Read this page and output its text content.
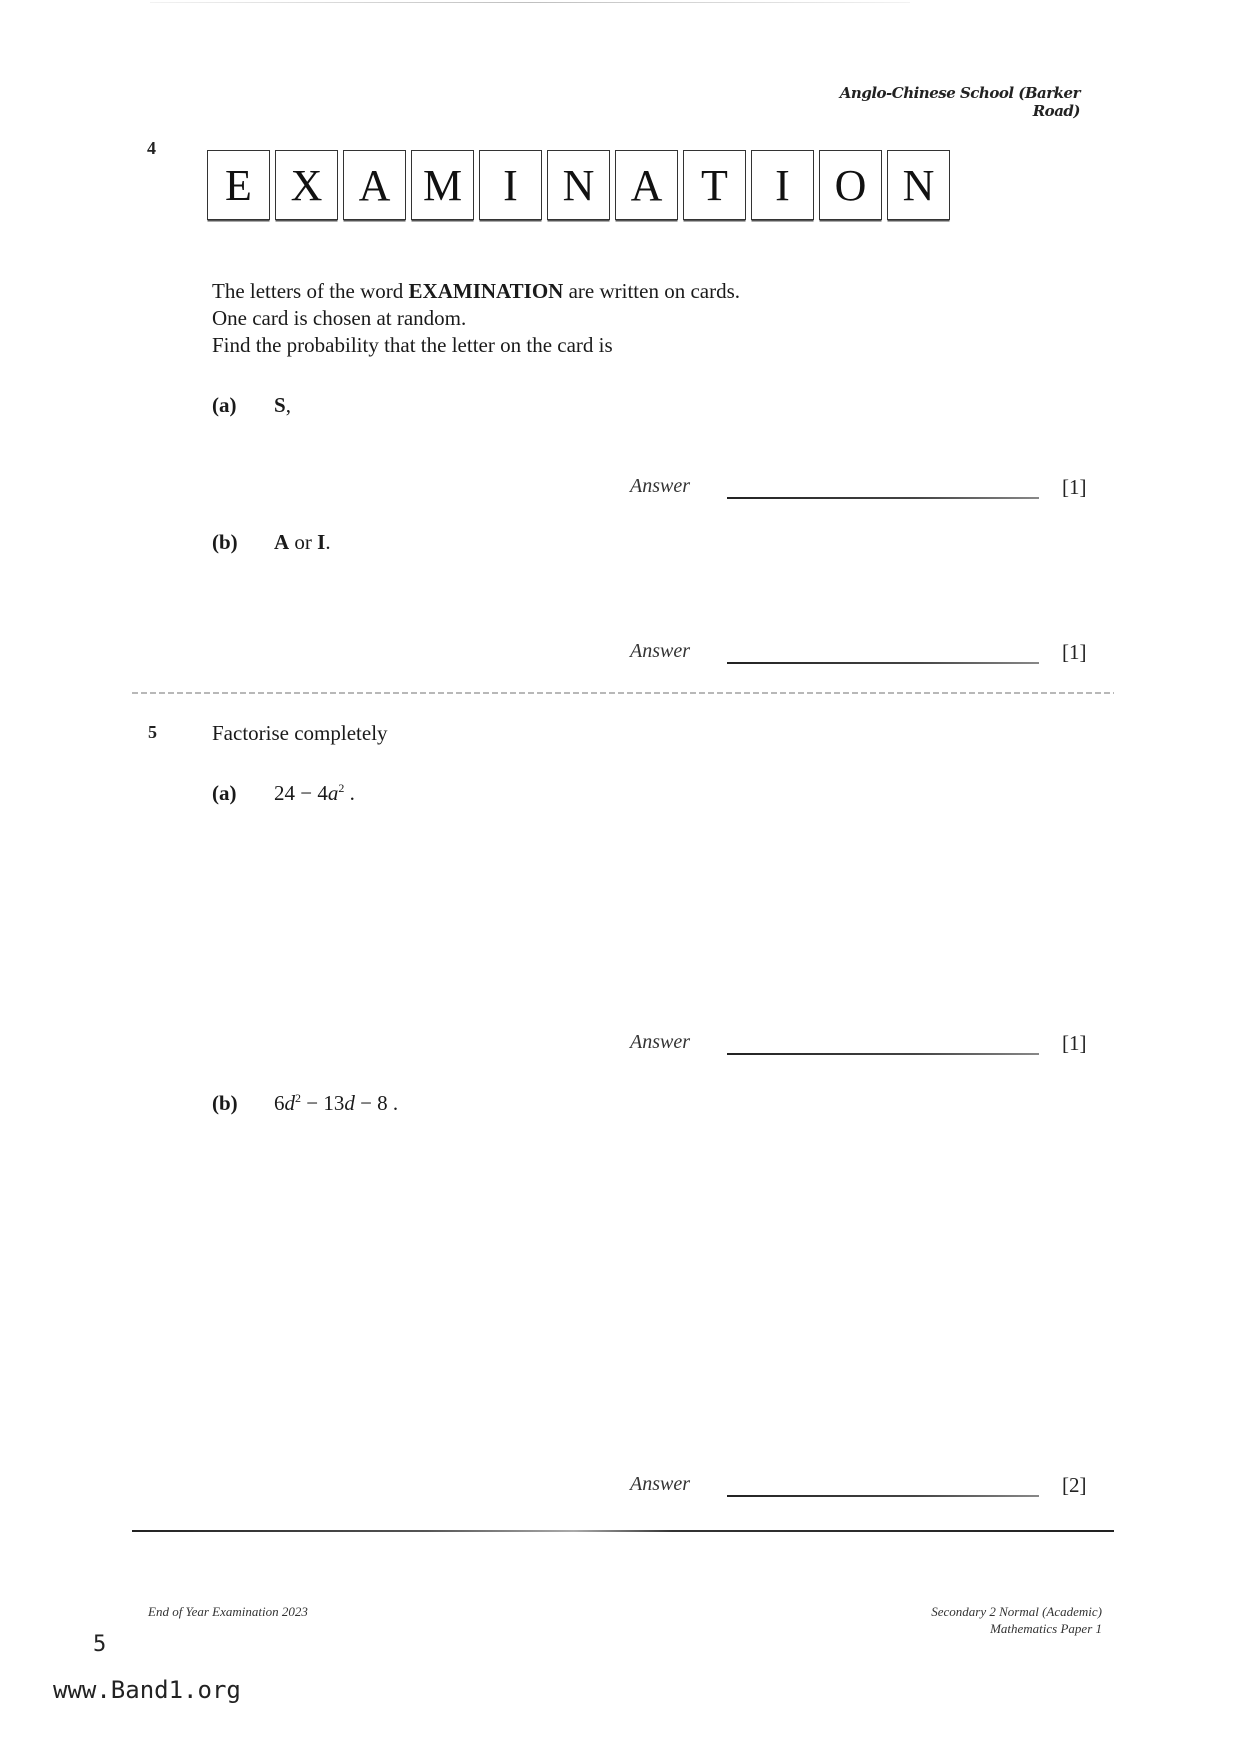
Anglo-Chinese School (Barker Road)
4
E X A M I	N A T	I	O N
The letters of the word EXAMINATION are written on cards.
One card is chosen at random.
Find the probability that the letter on the card is
(a)	S,
Answer	[1]
(b)	A or I.
Answer	[1]
5	Factorise completely
(a)	$24 - 4a^2$ .
Answer	[1]
(b)	$6d^2 - 13d - 8$ .
Answer	[2]
End of Year Examination 2023	Secondary 2 Normal (Academic)
Mathematics Paper 1
5
www.Band1.org
